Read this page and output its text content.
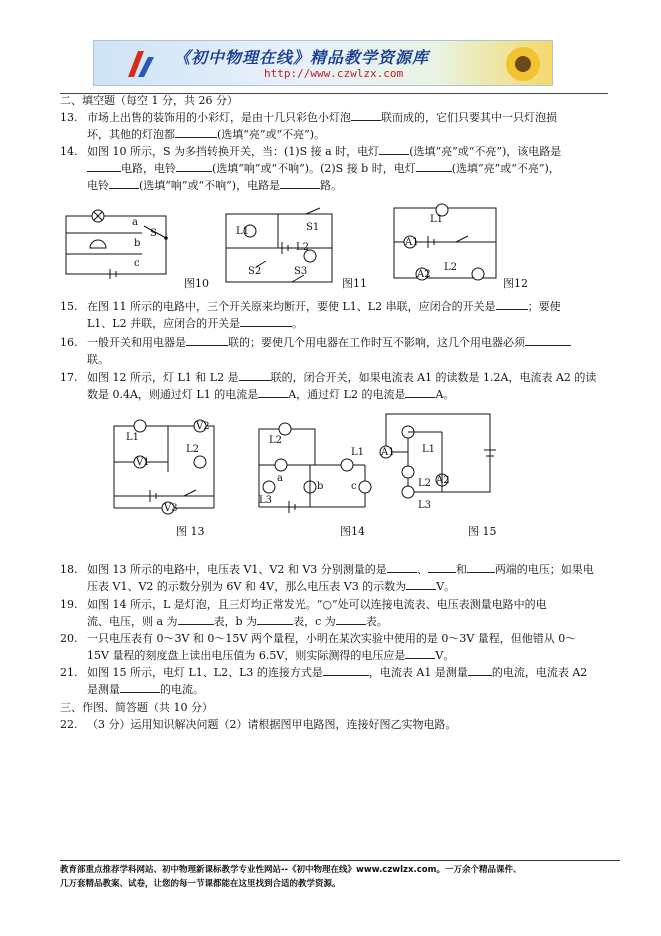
《初中物理在线》精品教学资源库
http://www.czwlzx.com
二、填空题（每空 1 分，共 26 分）
13. 市场上出售的装饰用的小彩灯，是由十几只彩色小灯泡	联而成的，它们只要其中一只灯泡损
坏，其他的灯泡都	(选填“亮”或“不亮”)。
14. 如图 10 所示，S 为多挡转换开关，当：(1)S 接 a 时，电灯	(选填“亮”或“不亮”)，该电路是
电路，电铃	(选填“响”或“不响”)。(2)S 接 b 时，电灯	(选填“亮”或“不亮”)，
电铃	(选填“响”或“不响”)，电路是	路。
a
b
c
S
图10
L1	S1
L2
S2	S3
图11
L1
A1
A2
L2
图12
15. 在图 11 所示的电路中，三个开关原来均断开，要使 L1、L2 串联，应闭合的开关是	；要使
L1、L2 并联，应闭合的开关是	。
16. 一般开关和用电器是	联的；要使几个用电器在工作时互不影响，这几个用电器必须
联。
17. 如图 12 所示，灯 L1 和 L2 是	联的，闭合开关，如果电流表 A1 的读数是 1.2A，电流表 A2 的读
数是 0.4A，则通过灯 L1 的电流是	A，通过灯 L2 的电流是	A。
L1
V2
V1
L2
V3
图 13
L2
a
L3
b	c
L1
图14
A1	L1
L2 A2
L3
图 15
18. 如图 13 所示的电路中，电压表 V1、V2 和 V3 分别测量的是	、	和	两端的电压；如果电
压表 V1、V2 的示数分别为 6V 和 4V，那么电压表 V3 的示数为	V。
19. 如图 14 所示，L 是灯泡，且三灯均正常发光。“○”处可以连接电流表、电压表测量电路中的电
流、电压，则 a 为	表，b 为	表，c 为	表。
20. 一只电压表有 0～3V 和 0～15V 两个量程，小明在某次实验中使用的是 0～3V 量程，但他错从 0～
15V 量程的刻度盘上读出电压值为 6.5V，则实际测得的电压应是	V。
21. 如图 15 所示，电灯 L1、L2、L3 的连接方式是	，电流表 A1 是测量 的电流，电流表 A2
是测量	的电流。
三、作图、简答题（共 10 分）
22. （3 分）运用知识解决问题（2）请根据图甲电路图，连接好图乙实物电路。
教育部重点推荐学科网站、初中物理新课标教学专业性网站--《初中物理在线》www.czwlzx.com。一万余个精品课件、
几万套精品教案、试卷，让您的每一节课都能在这里找到合适的教学资源。
